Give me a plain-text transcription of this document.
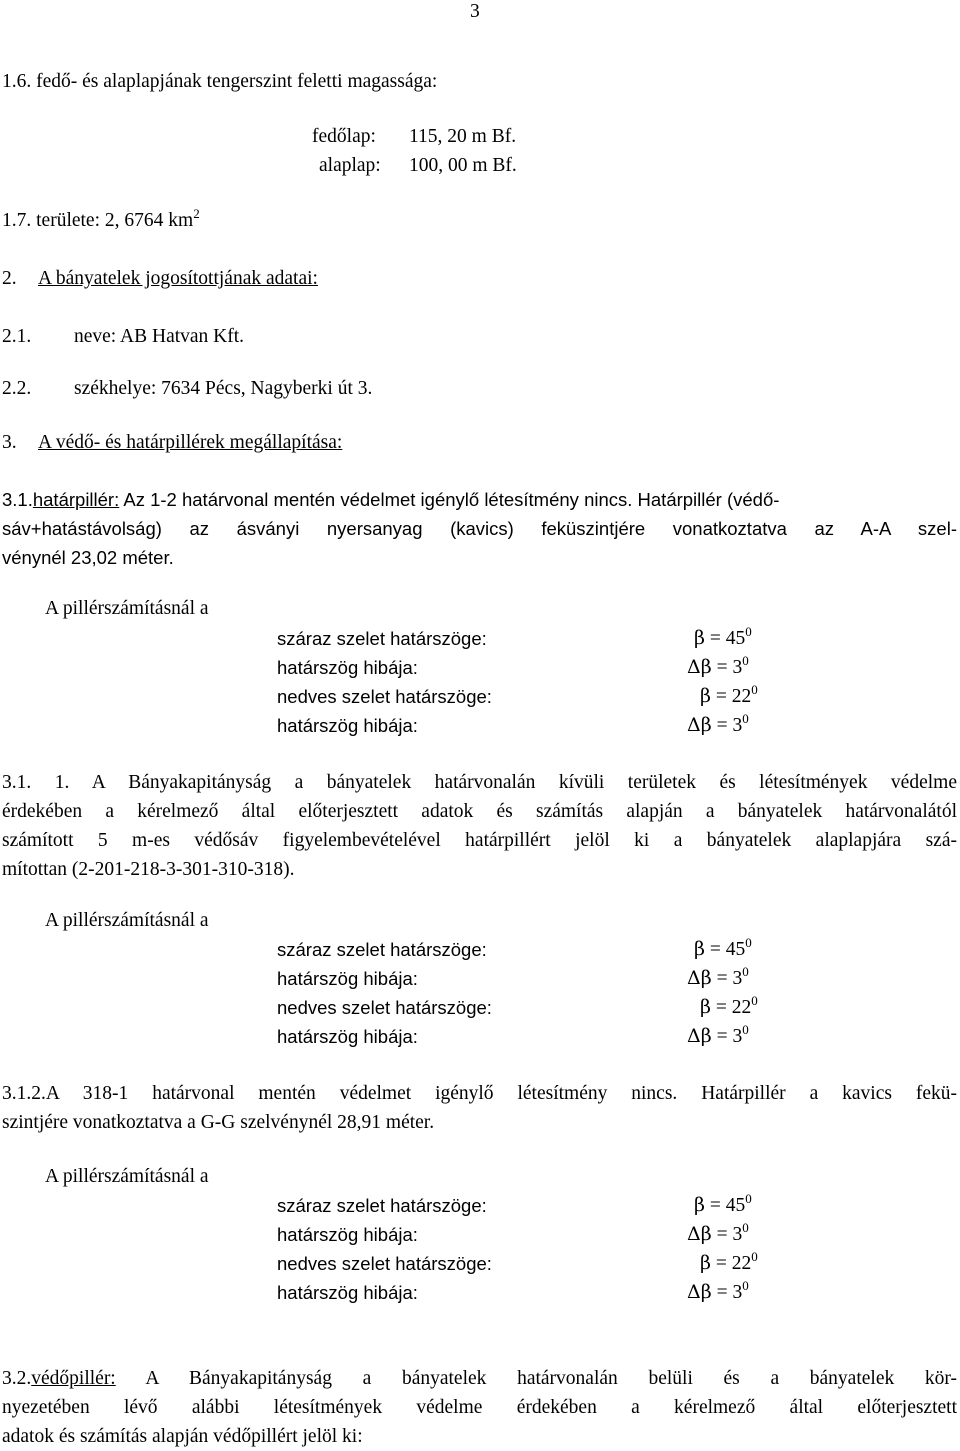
3
1.6. fedő- és alaplapjának tengerszint feletti magassága:
fedőlap: 115, 20 m Bf.
alaplap: 100, 00 m Bf.
1.7. területe: 2, 6764 $km^2$
2. A bányatelek jogosítottjának adatai:
2.1. neve: AB Hatvan Kft.
2.2. székhelye: 7634 Pécs, Nagyberki út 3.
3. A védő- és határpillérek megállapítása:
3.1.határpillér: Az 1-2 határvonal mentén védelmet igénylő létesítmény nincs. Határpillér (védő-
sáv+hatástávolság) az ásványi nyersanyag (kavics) feküszintjére vonatkoztatva az A-A szel-
vénynél 23,02 méter.
A pillérszámításnál a
száraz szelet határszöge:
határszög hibája:
nedves szelet határszöge:
határszög hibája:
$\beta = 45^0$
$\Delta\beta = 3^0$
$\beta = 22^0$
$\Delta\beta = 3^0$
3.1. 1. A Bányakapitányság a bányatelek határvonalán kívüli területek és létesítmények védelme
érdekében a kérelmező által előterjesztett adatok és számítás alapján a bányatelek határvonalától
számított 5 m-es védősáv figyelembevételével határpillért jelöl ki a bányatelek alaplapjára szá-
mítottan (2-201-218-3-301-310-318).
A pillérszámításnál a
száraz szelet határszöge:
határszög hibája:
nedves szelet határszöge:
határszög hibája:
$\beta = 45^0$
$\Delta\beta = 3^0$
$\beta = 22^0$
$\Delta\beta = 3^0$
3.1.2.A 318-1 határvonal mentén védelmet igénylő létesítmény nincs. Határpillér a kavics fekü-
szintjére vonatkoztatva a G-G szelvénynél 28,91 méter.
A pillérszámításnál a
száraz szelet határszöge:
határszög hibája:
nedves szelet határszöge:
határszög hibája:
$\beta = 45^0$
$\Delta\beta = 3^0$
$\beta = 22^0$
$\Delta\beta = 3^0$
3.2.védőpillér: A Bányakapitányság a bányatelek határvonalán belüli és a bányatelek kör-
nyezetében lévő alábbi létesítmények védelme érdekében a kérelmező által előterjesztett
adatok és számítás alapján védőpillért jelöl ki:
